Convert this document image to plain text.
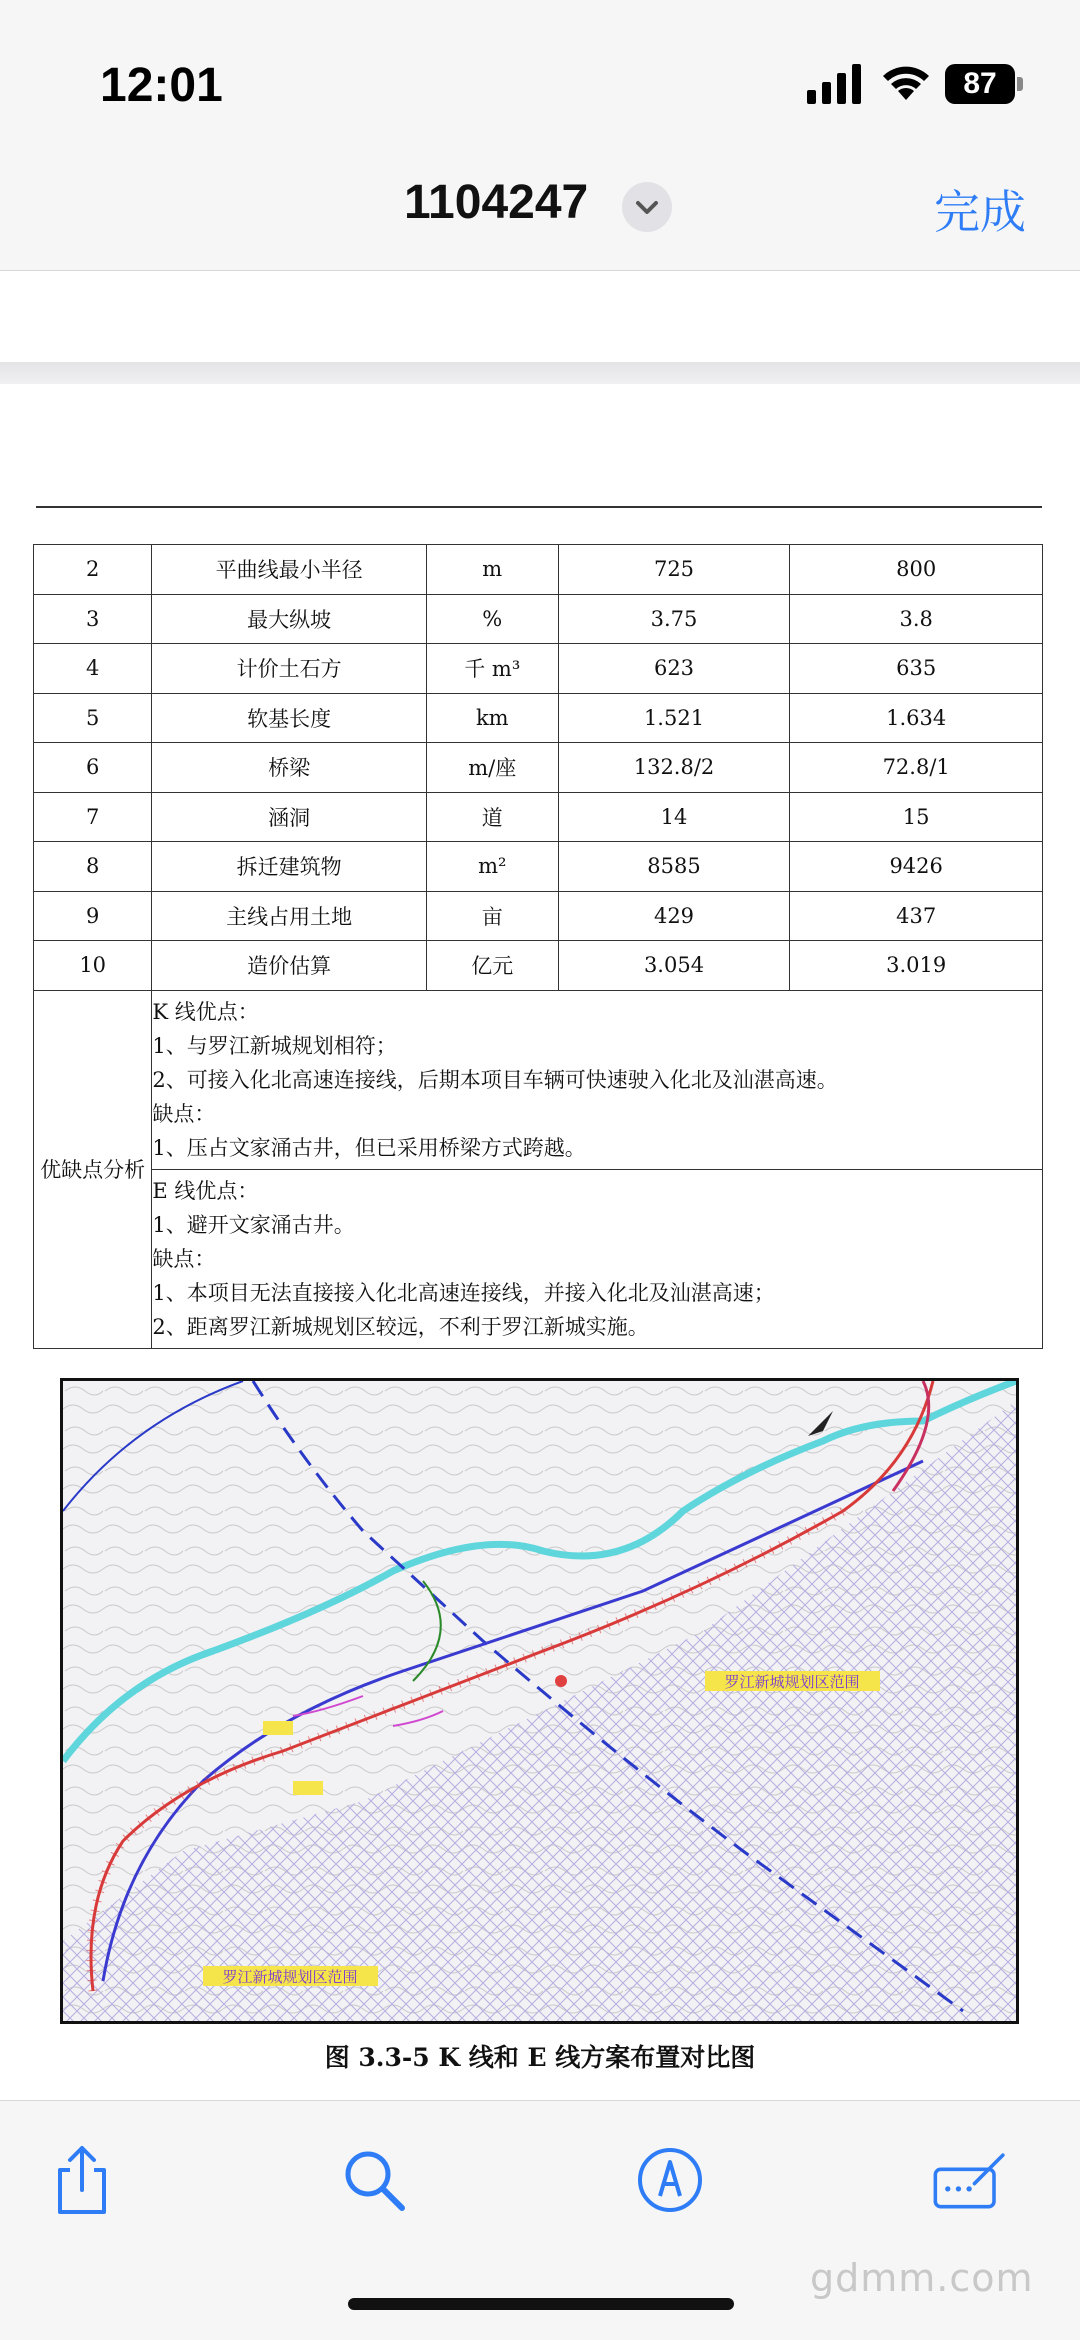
12:01	87
1104247	完成
2	平曲线最小半径	m	725	800
3	最大纵坡	%	3.75	3.8
4	计价土石方	千 m³	623	635
5	软基长度	km	1.521	1.634
6	桥梁	m/座	132.8/2	72.8/1
7	涵洞	道	14	15
8	拆迁建筑物	m²	8585	9426
9	主线占用土地	亩	429	437
10	造价估算	亿元	3.054	3.019
优缺点分析	K 线优点：
1、与罗江新城规划相符；
2、可接入化北高速连接线，后期本项目车辆可快速驶入化北及汕湛高速。
缺点：
1、压占文家涌古井，但已采用桥梁方式跨越。			

	E 线优点：
1、避开文家涌古井。
缺点：
1、本项目无法直接接入化北高速连接线，并接入化北及汕湛高速；
2、距离罗江新城规划区较远，不利于罗江新城实施。			
罗江新城规划区范围
罗江新城规划区范围
图 3.3-5 K 线和 E 线方案布置对比图
gdmm.com
